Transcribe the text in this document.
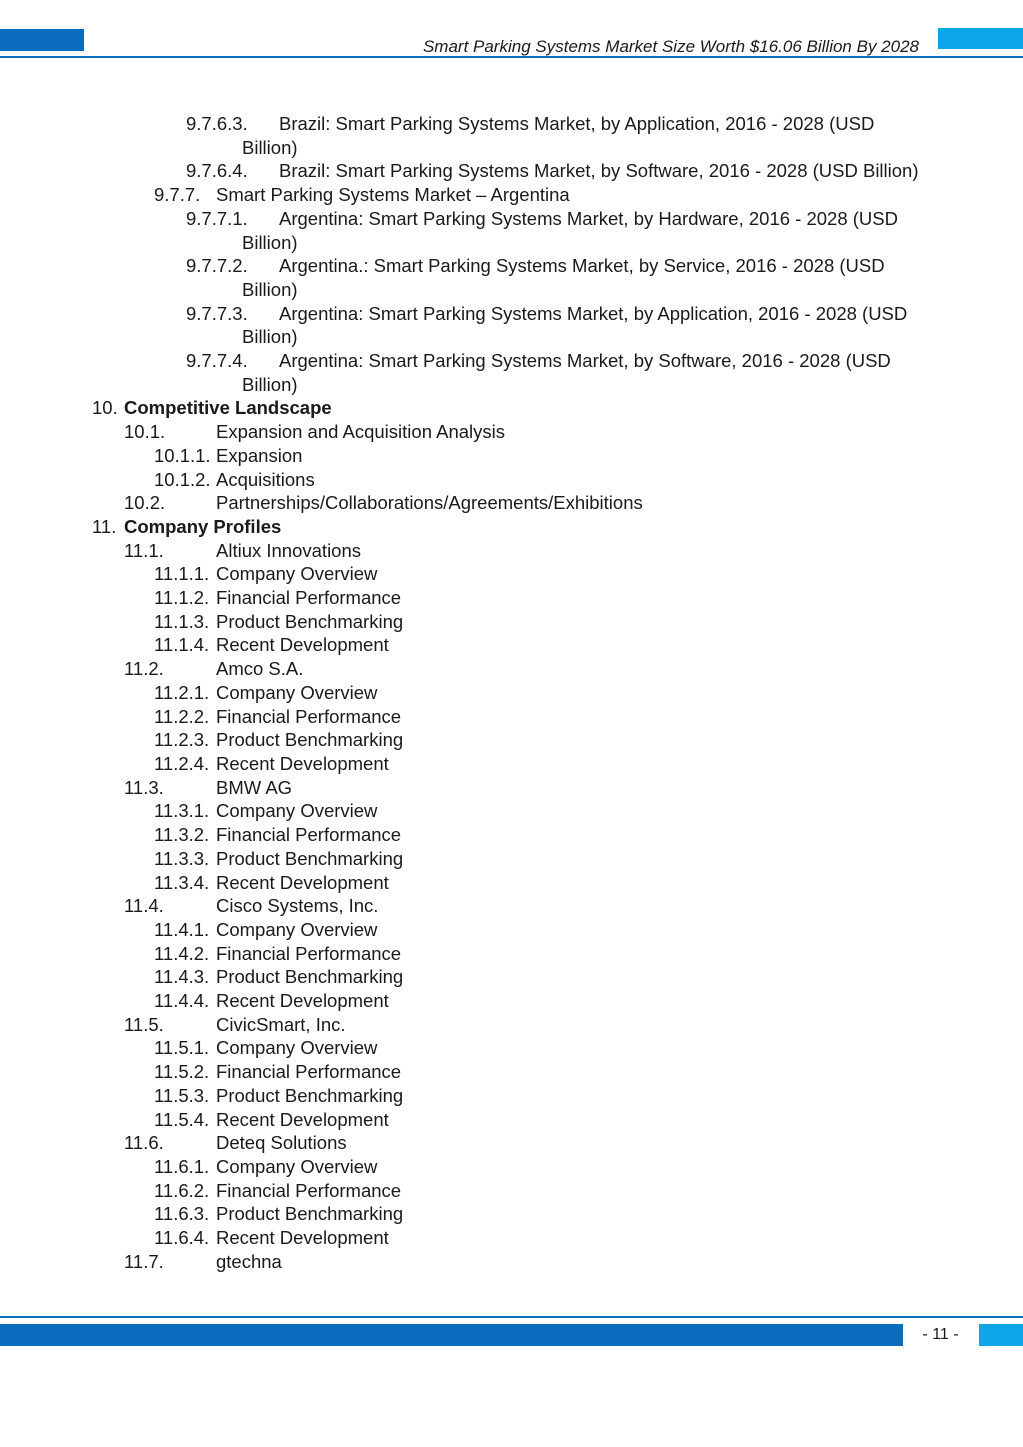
Smart Parking Systems Market Size Worth $16.06 Billion By 2028
9.7.6.3.	Brazil: Smart Parking Systems Market, by Application, 2016 - 2028 (USD Billion)
9.7.6.4.	Brazil: Smart Parking Systems Market, by Software, 2016 - 2028 (USD Billion)
9.7.7. Smart Parking Systems Market – Argentina
9.7.7.1.	Argentina: Smart Parking Systems Market, by Hardware, 2016 - 2028 (USD Billion)
9.7.7.2.	Argentina.: Smart Parking Systems Market, by Service, 2016 - 2028 (USD Billion)
9.7.7.3.	Argentina: Smart Parking Systems Market, by Application, 2016 - 2028 (USD Billion)
9.7.7.4.	Argentina: Smart Parking Systems Market, by Software, 2016 - 2028 (USD Billion)
10. Competitive Landscape
10.1.	Expansion and Acquisition Analysis
10.1.1. Expansion
10.1.2. Acquisitions
10.2.	Partnerships/Collaborations/Agreements/Exhibitions
11. Company Profiles
11.1.	Altiux Innovations
11.1.1. Company Overview
11.1.2. Financial Performance
11.1.3. Product Benchmarking
11.1.4. Recent Development
11.2.	Amco S.A.
11.2.1. Company Overview
11.2.2. Financial Performance
11.2.3. Product Benchmarking
11.2.4. Recent Development
11.3.	BMW AG
11.3.1. Company Overview
11.3.2. Financial Performance
11.3.3. Product Benchmarking
11.3.4. Recent Development
11.4.	Cisco Systems, Inc.
11.4.1. Company Overview
11.4.2. Financial Performance
11.4.3. Product Benchmarking
11.4.4. Recent Development
11.5.	CivicSmart, Inc.
11.5.1. Company Overview
11.5.2. Financial Performance
11.5.3. Product Benchmarking
11.5.4. Recent Development
11.6.	Deteq Solutions
11.6.1. Company Overview
11.6.2. Financial Performance
11.6.3. Product Benchmarking
11.6.4. Recent Development
11.7.	gtechna
- 11 -
